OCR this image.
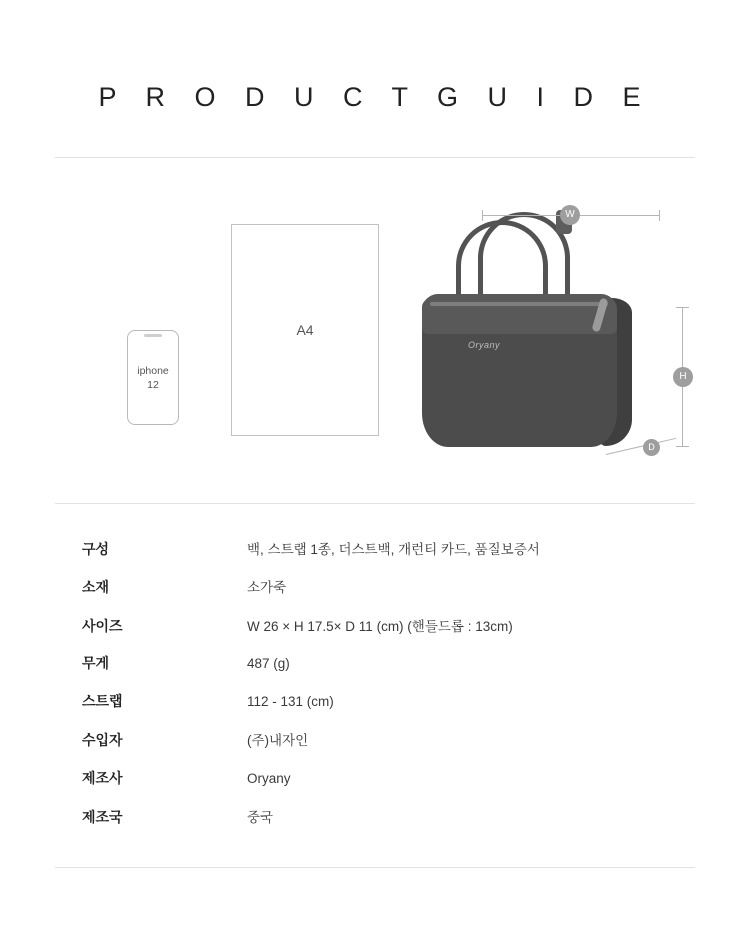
P R O D U C T G U I D E
iphone
12
A4
Oryany
W
H
D
구성	백, 스트랩 1종, 더스트백, 개런티 카드, 품질보증서
소재	소가죽
사이즈	W 26 × H 17.5× D 11 (cm) (핸들드롭 : 13cm)
무게	487 (g)
스트랩	112 - 131 (cm)
수입자	(주)내자인
제조사	Oryany
제조국	중국
